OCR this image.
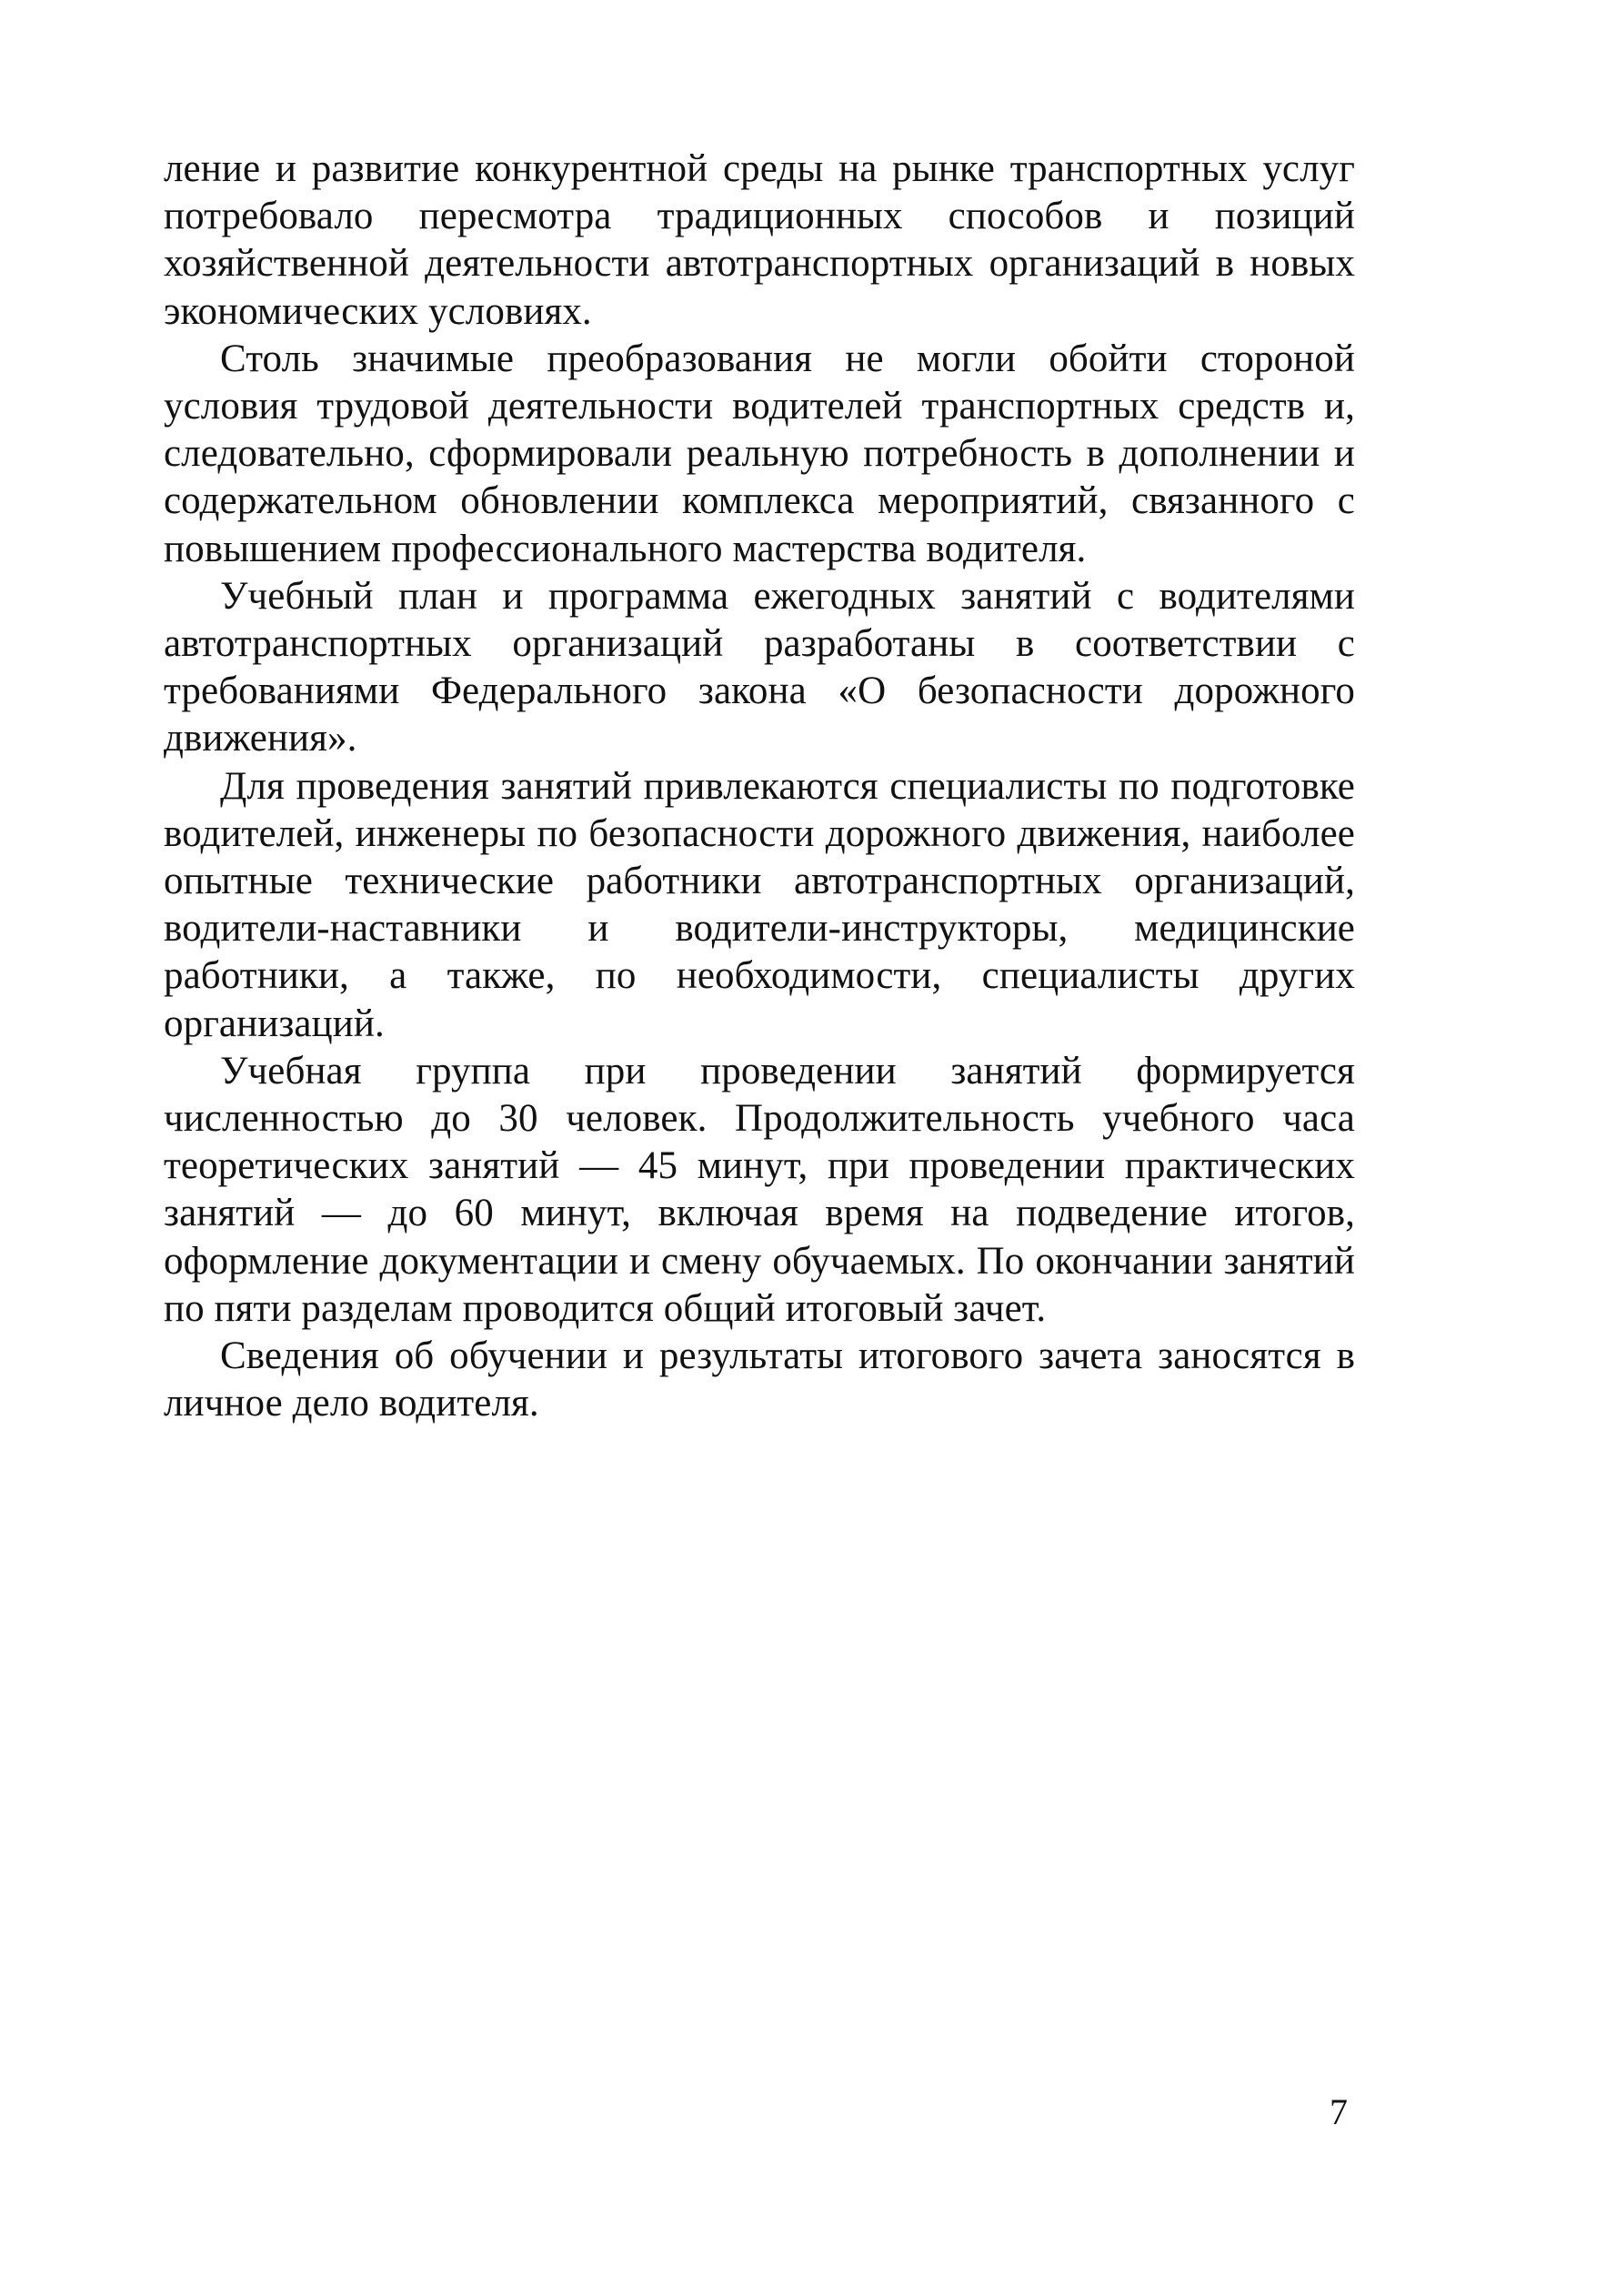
ление и развитие конкурентной среды на рынке транспортных услуг потребовало пересмотра традиционных способов и позиций хозяйственной деятельности автотранспортных организаций в новых экономических условиях.

Столь значимые преобразования не могли обойти стороной условия трудовой деятельности водителей транспортных средств и, следовательно, сформировали реальную потребность в дополнении и содержательном обновлении комплекса мероприятий, связанного с повышением профессионального мастерства водителя.

Учебный план и программа ежегодных занятий с водителями автотранспортных организаций разработаны в соответствии с требованиями Федерального закона «О безопасности дорожного движения».

Для проведения занятий привлекаются специалисты по подготовке водителей, инженеры по безопасности дорожного движения, наиболее опытные технические работники автотранспортных организаций, водители-наставники и водители-инструкторы, медицинские работники, а также, по необходимости, специалисты других организаций.

Учебная группа при проведении занятий формируется численностью до 30 человек. Продолжительность учебного часа теоретических занятий — 45 минут, при проведении практических занятий — до 60 минут, включая время на подведение итогов, оформление документации и смену обучаемых. По окончании занятий по пяти разделам проводится общий итоговый зачет.

Сведения об обучении и результаты итогового зачета заносятся в личное дело водителя.

7
